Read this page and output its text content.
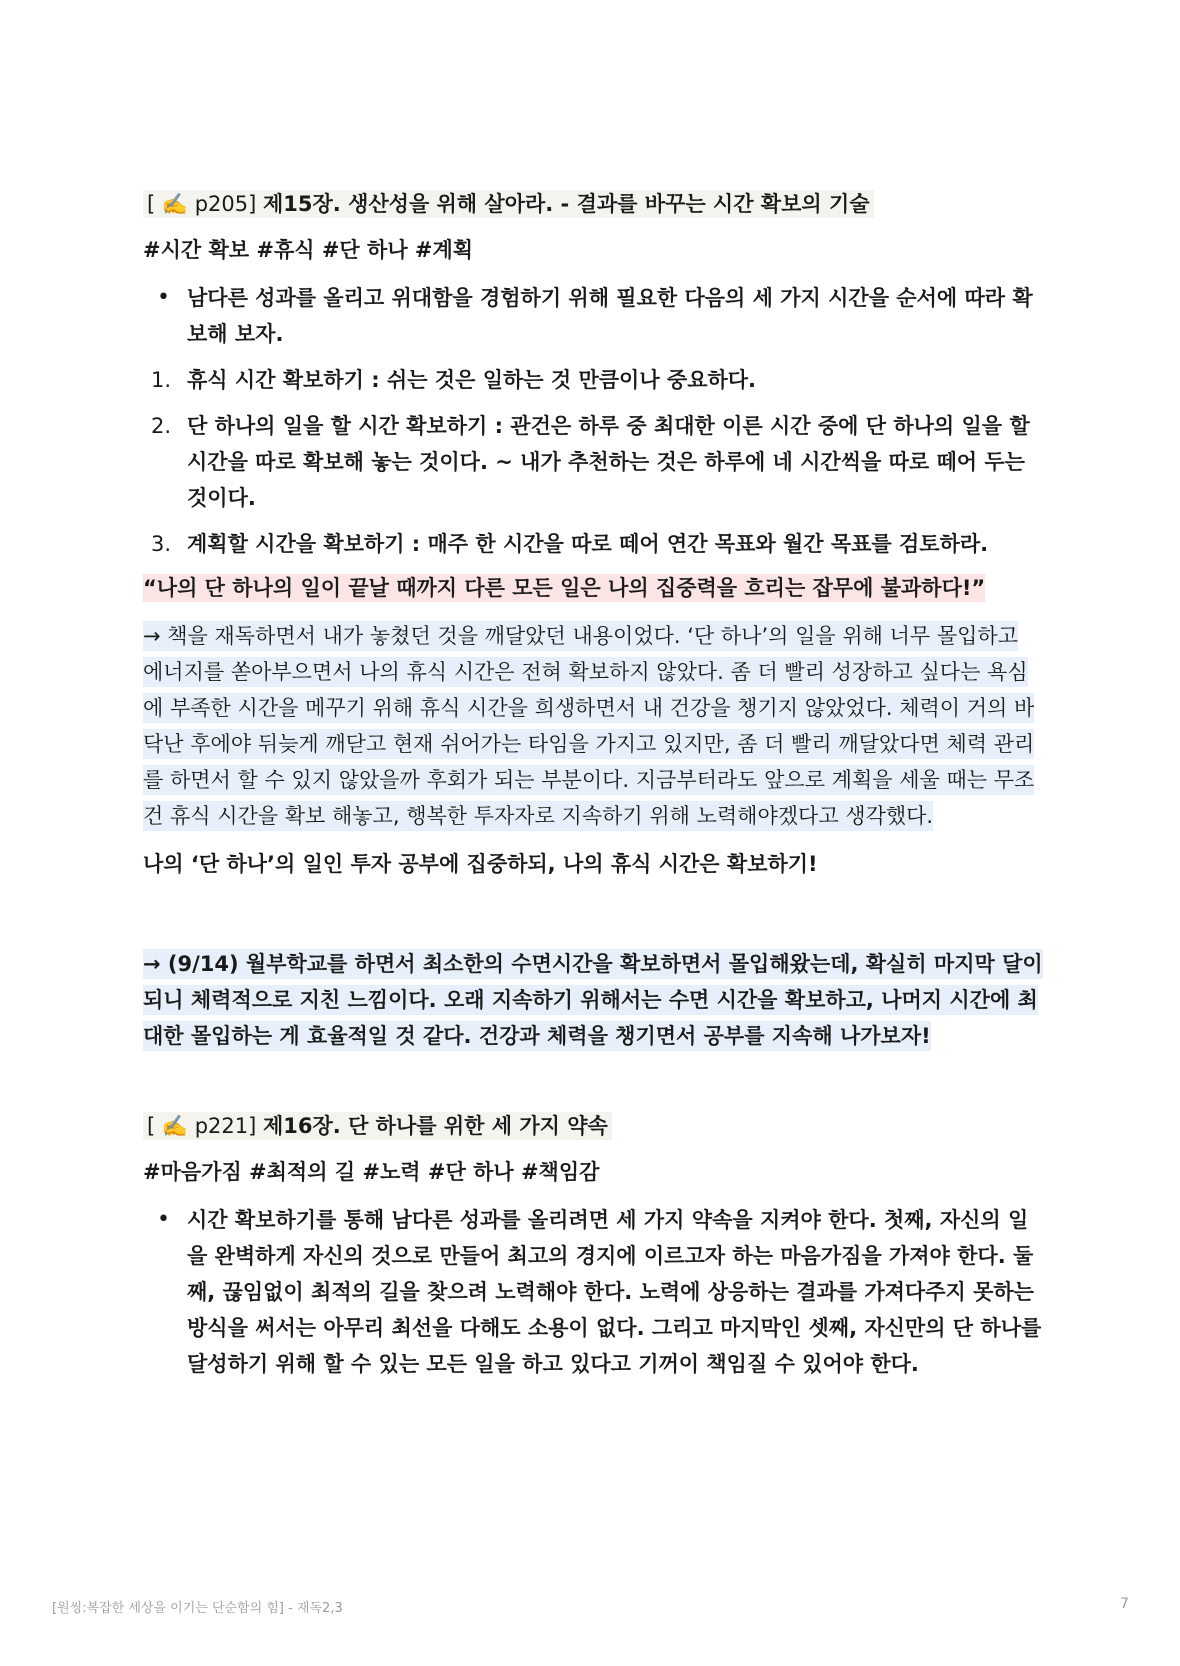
[ ✍️ p205] 제15장. 생산성을 위해 살아라. - 결과를 바꾸는 시간 확보의 기술
#시간 확보 #휴식 #단 하나 #계획
• 남다른 성과를 올리고 위대함을 경험하기 위해 필요한 다음의 세 가지 시간을 순서에 따라 확보해 보자.
1. 휴식 시간 확보하기 : 쉬는 것은 일하는 것 만큼이나 중요하다.
2. 단 하나의 일을 할 시간 확보하기 : 관건은 하루 중 최대한 이른 시간 중에 단 하나의 일을 할 시간을 따로 확보해 놓는 것이다. ~ 내가 추천하는 것은 하루에 네 시간씩을 따로 떼어 두는 것이다.
3. 계획할 시간을 확보하기 : 매주 한 시간을 따로 떼어 연간 목표와 월간 목표를 검토하라.
“나의 단 하나의 일이 끝날 때까지 다른 모든 일은 나의 집중력을 흐리는 잡무에 불과하다!”
→ 책을 재독하면서 내가 놓쳤던 것을 깨달았던 내용이었다. ‘단 하나’의 일을 위해 너무 몰입하고 에너지를 쏟아부으면서 나의 휴식 시간은 전혀 확보하지 않았다. 좀 더 빨리 성장하고 싶다는 욕심에 부족한 시간을 메꾸기 위해 휴식 시간을 희생하면서 내 건강을 챙기지 않았었다. 체력이 거의 바닥난 후에야 뒤늦게 깨닫고 현재 쉬어가는 타임을 가지고 있지만, 좀 더 빨리 깨달았다면 체력 관리를 하면서 할 수 있지 않았을까 후회가 되는 부분이다. 지금부터라도 앞으로 계획을 세울 때는 무조건 휴식 시간을 확보 해놓고, 행복한 투자자로 지속하기 위해 노력해야겠다고 생각했다.
나의 ‘단 하나’의 일인 투자 공부에 집중하되, 나의 휴식 시간은 확보하기!
→ (9/14) 월부학교를 하면서 최소한의 수면시간을 확보하면서 몰입해왔는데, 확실히 마지막 달이 되니 체력적으로 지친 느낌이다. 오래 지속하기 위해서는 수면 시간을 확보하고, 나머지 시간에 최대한 몰입하는 게 효율적일 것 같다. 건강과 체력을 챙기면서 공부를 지속해 나가보자!
[ ✍️ p221] 제16장. 단 하나를 위한 세 가지 약속
#마음가짐 #최적의 길 #노력 #단 하나 #책임감
• 시간 확보하기를 통해 남다른 성과를 올리려면 세 가지 약속을 지켜야 한다. 첫째, 자신의 일을 완벽하게 자신의 것으로 만들어 최고의 경지에 이르고자 하는 마음가짐을 가져야 한다. 둘째, 끊임없이 최적의 길을 찾으려 노력해야 한다. 노력에 상응하는 결과를 가져다주지 못하는 방식을 써서는 아무리 최선을 다해도 소용이 없다. 그리고 마지막인 셋째, 자신만의 단 하나를 달성하기 위해 할 수 있는 모든 일을 하고 있다고 기꺼이 책임질 수 있어야 한다.
[원씽:복잡한 세상을 이기는 단순함의 힘] - 재독2,3	7
